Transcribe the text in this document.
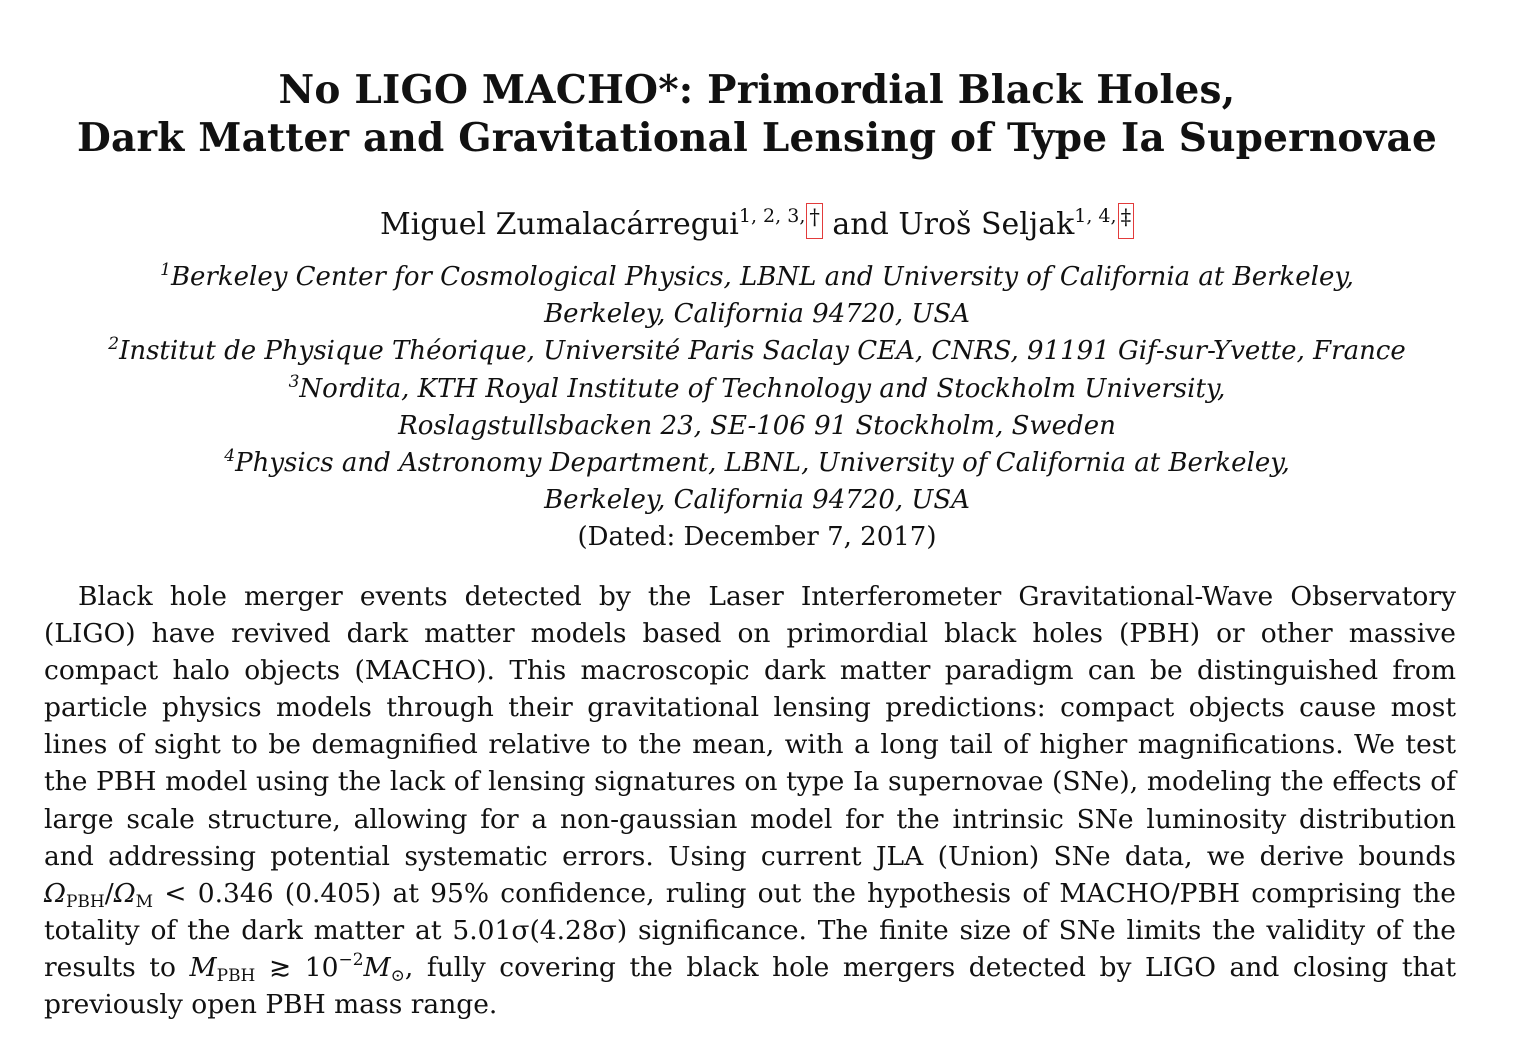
No LIGO MACHO*: Primordial Black Holes,
Dark Matter and Gravitational Lensing of Type Ia Supernovae
Miguel Zumalacárregui$^{1, 2, 3,}$ † and Uroš Seljak$^{1, 4,}$ ‡
$^1$Berkeley Center for Cosmological Physics, LBNL and University of California at Berkeley,
Berkeley, California 94720, USA
$^2$Institut de Physique Théorique, Université Paris Saclay CEA, CNRS, 91191 Gif-sur-Yvette, France
$^3$Nordita, KTH Royal Institute of Technology and Stockholm University,
Roslagstullsbacken 23, SE-106 91 Stockholm, Sweden
$^4$Physics and Astronomy Department, LBNL, University of California at Berkeley,
Berkeley, California 94720, USA
(Dated: December 7, 2017)

Black hole merger events detected by the Laser Interferometer Gravitational-Wave Observatory (LIGO) have revived dark matter models based on primordial black holes (PBH) or other massive compact halo objects (MACHO). This macroscopic dark matter paradigm can be distinguished from particle physics models through their gravitational lensing predictions: compact objects cause most lines of sight to be demagnified relative to the mean, with a long tail of higher magnifications. We test the PBH model using the lack of lensing signatures on type Ia supernovae (SNe), modeling the effects of large scale structure, allowing for a non-gaussian model for the intrinsic SNe luminosity distribution and addressing potential systematic errors. Using current JLA (Union) SNe data, we derive bounds $\Omega_{PBH}/\Omega_M < 0.346$ (0.405) at 95% confidence, ruling out the hypothesis of MACHO/PBH comprising the totality of the dark matter at 5.01σ(4.28σ) significance. The finite size of SNe limits the validity of the results to $M_{PBH}$ ≳ $10^{-2}M_⊙$, fully covering the black hole mergers detected by LIGO and closing that previously open PBH mass range.
